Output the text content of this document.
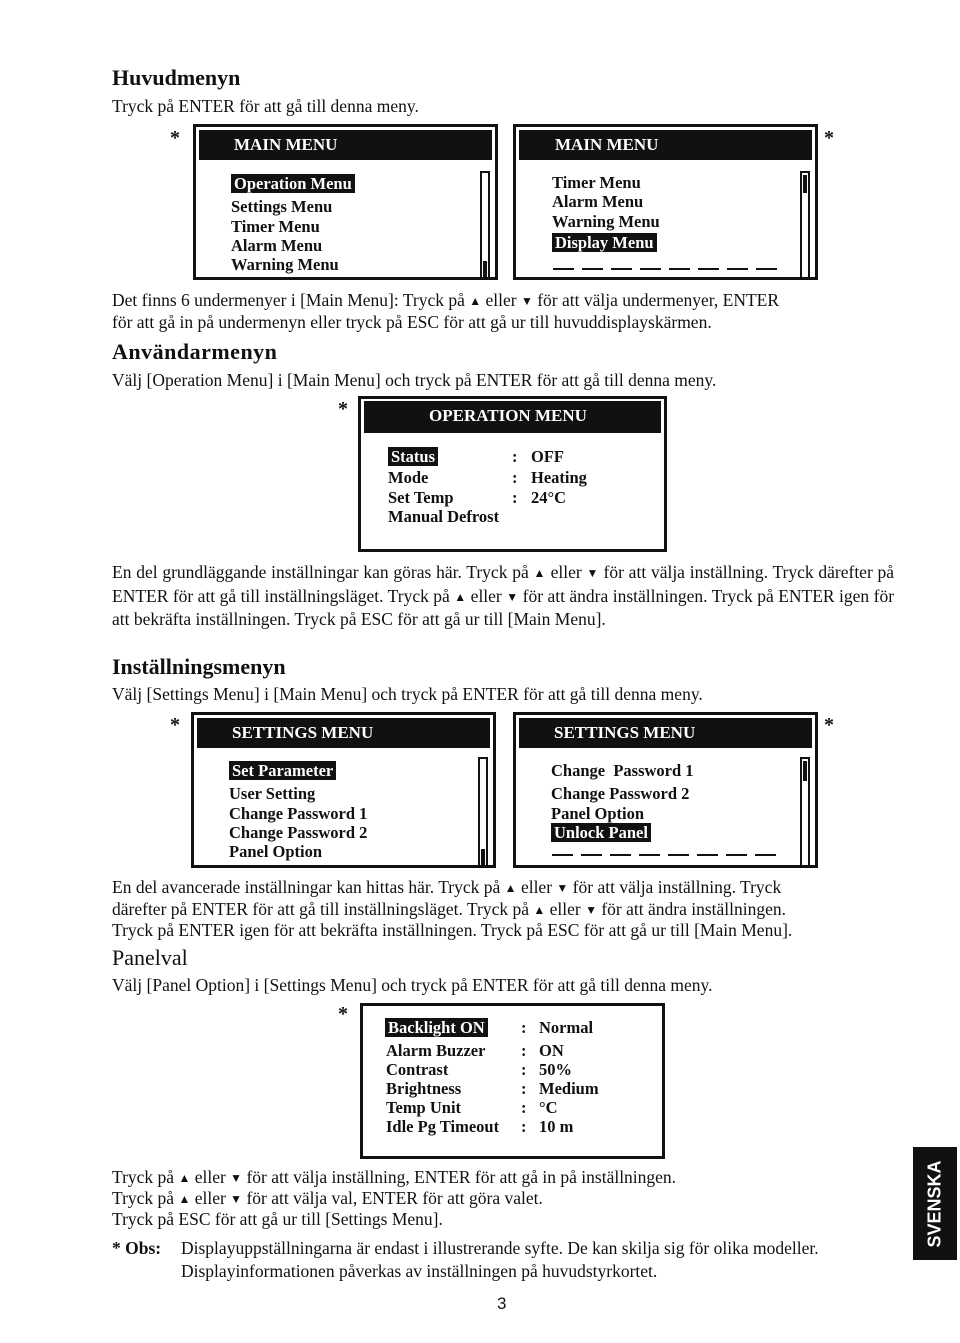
Huvudmenyn
Tryck på ENTER för att gå till denna meny.
*	*
MAIN MENU
Operation Menu
Settings Menu
Timer Menu
Alarm Menu
Warning Menu
MAIN MENU
Timer Menu
Alarm Menu
Warning Menu
Display Menu
Det finns 6 undermenyer i [Main Menu]: Tryck på ▲ eller ▼ för att välja undermenyer, ENTER
för att gå in på undermenyn eller tryck på ESC för att gå ur till huvuddisplayskärmen.
Användarmenyn
Välj [Operation Menu] i [Main Menu] och tryck på ENTER för att gå till denna meny.
*	OPERATION MENU
Status	: OFF
Mode	: Heating
Set Temp	: 24°C
Manual Defrost
En del grundläggande inställningar kan göras här. Tryck på ▲ eller ▼ för att välja inställning. Tryck därefter på ENTER för att gå till inställningsläget. Tryck på ▲ eller ▼ för att ändra inställningen. Tryck på ENTER igen för att bekräfta inställningen. Tryck på ESC för att gå ur till [Main Menu].
Inställningsmenyn
Välj [Settings Menu] i [Main Menu] och tryck på ENTER för att gå till denna meny.
*	*
SETTINGS MENU
Set Parameter
User Setting
Change Password 1
Change Password 2
Panel Option
SETTINGS MENU
Change  Password 1
Change Password 2
Panel Option
Unlock Panel
En del avancerade inställningar kan hittas här. Tryck på ▲ eller ▼ för att välja inställning. Tryck
därefter på ENTER för att gå till inställningsläget. Tryck på ▲ eller ▼ för att ändra inställningen.
Tryck på ENTER igen för att bekräfta inställningen. Tryck på ESC för att gå ur till [Main Menu].
Panelval
Välj [Panel Option] i [Settings Menu] och tryck på ENTER för att gå till denna meny.
*
Backlight ON : Normal
Alarm Buzzer : ON
Contrast	: 50%
Brightness	: Medium
Temp Unit	: °C
Idle Pg Timeout : 10 m
Tryck på ▲ eller ▼ för att välja inställning, ENTER för att gå in på inställningen.
Tryck på ▲ eller ▼ för att välja val, ENTER för att göra valet.
Tryck på ESC för att gå ur till [Settings Menu].
* Obs: Displayuppställningarna är endast i illustrerande syfte. De kan skilja sig för olika modeller.
Displayinformationen påverkas av inställningen på huvudstyrkortet.
3
SVENSKA
